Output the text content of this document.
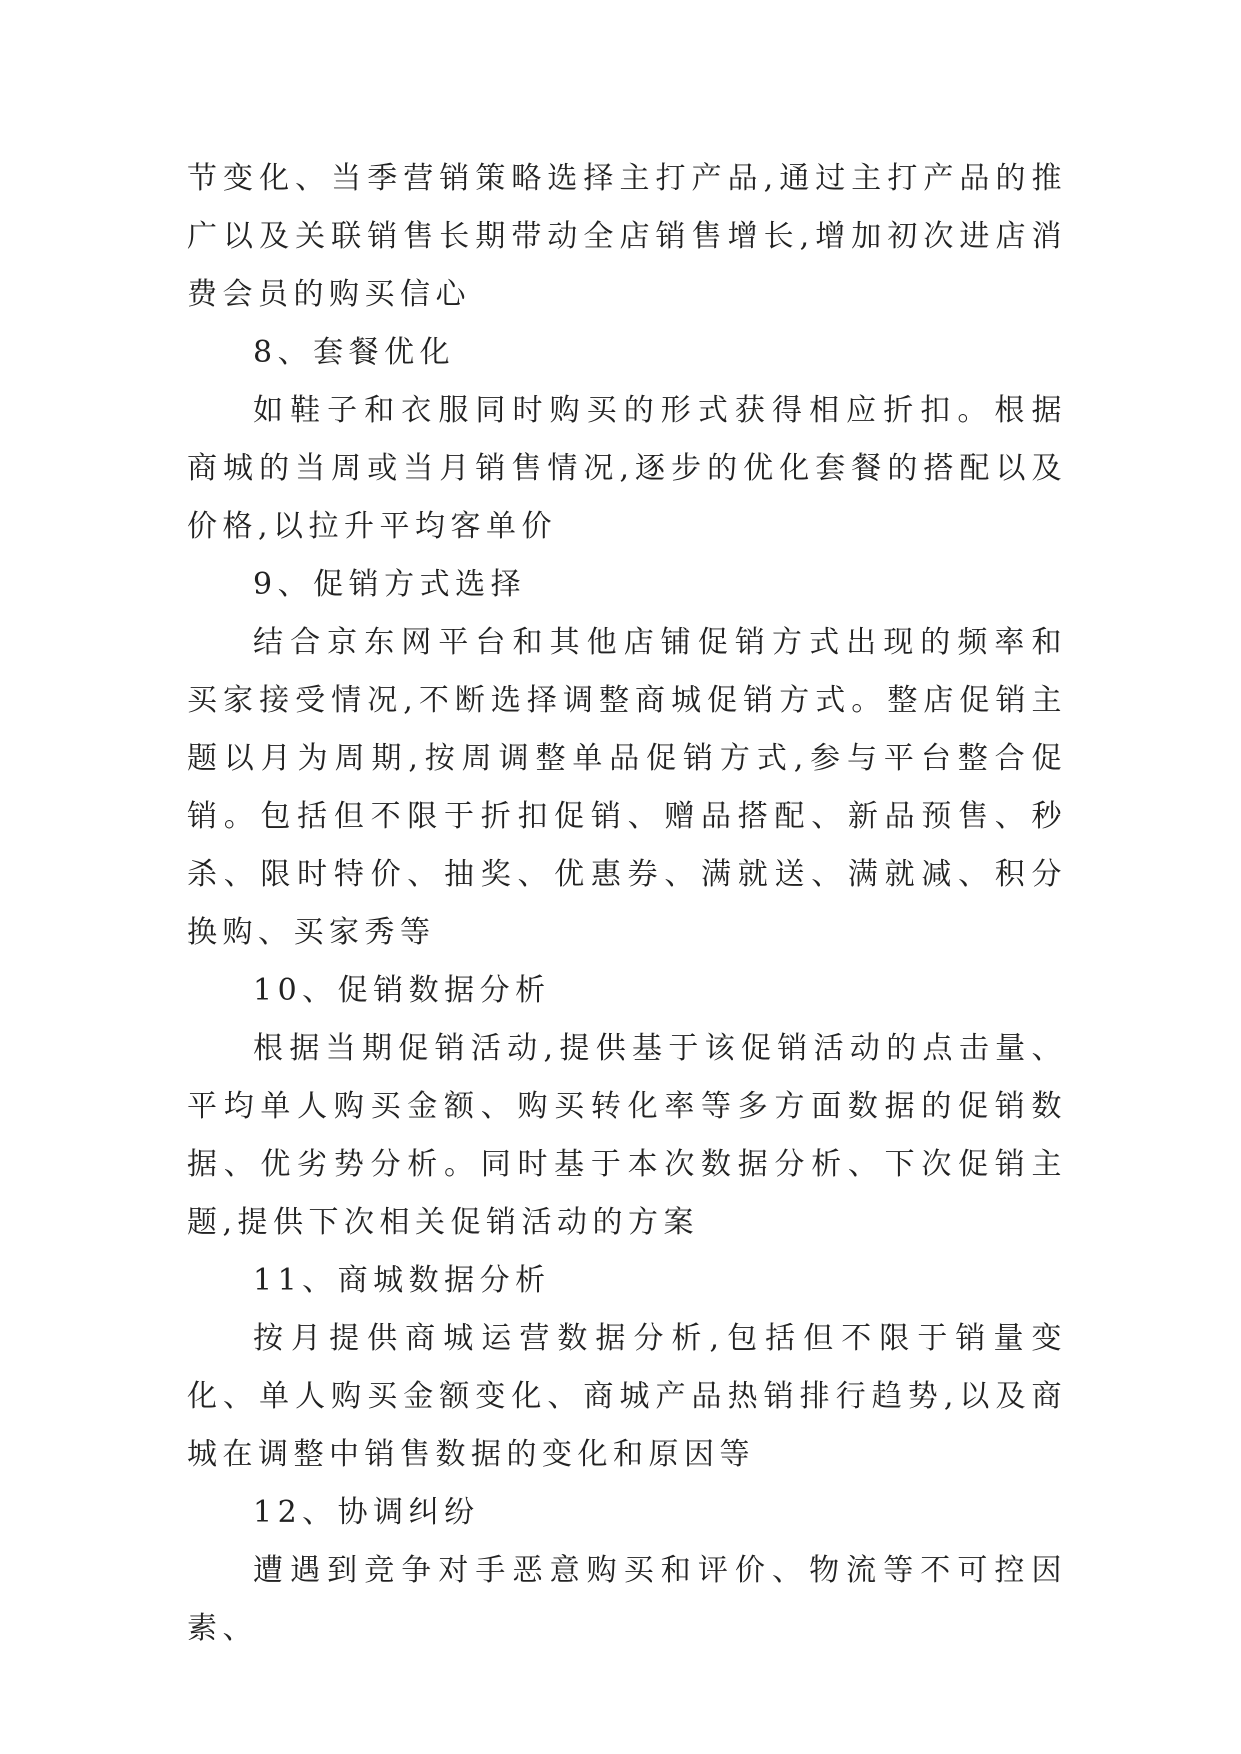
节变化、当季营销策略选择主打产品,通过主打产品的推广以及关联销售长期带动全店销售增长,增加初次进店消费会员的购买信心

8、套餐优化

如鞋子和衣服同时购买的形式获得相应折扣。根据商城的当周或当月销售情况,逐步的优化套餐的搭配以及价格,以拉升平均客单价

9、促销方式选择

结合京东网平台和其他店铺促销方式出现的频率和买家接受情况,不断选择调整商城促销方式。整店促销主题以月为周期,按周调整单品促销方式,参与平台整合促销。包括但不限于折扣促销、赠品搭配、新品预售、秒杀、限时特价、抽奖、优惠券、满就送、满就减、积分换购、买家秀等

10、促销数据分析

根据当期促销活动,提供基于该促销活动的点击量、平均单人购买金额、购买转化率等多方面数据的促销数据、优劣势分析。同时基于本次数据分析、下次促销主题,提供下次相关促销活动的方案

11、商城数据分析

按月提供商城运营数据分析,包括但不限于销量变化、单人购买金额变化、商城产品热销排行趋势,以及商城在调整中销售数据的变化和原因等

12、协调纠纷

遭遇到竞争对手恶意购买和评价、物流等不可控因素、
